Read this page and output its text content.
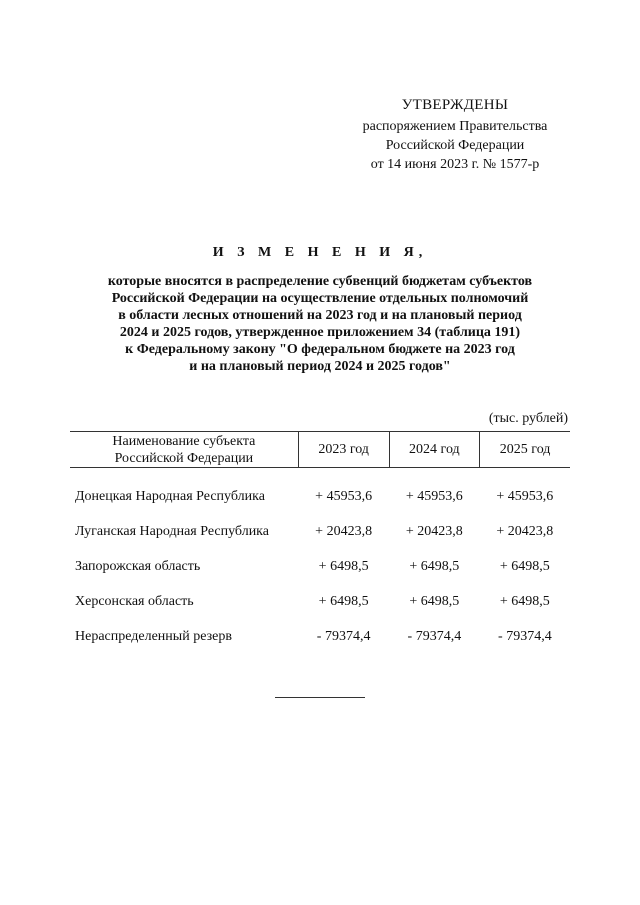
УТВЕРЖДЕНЫ
распоряжением Правительства
Российской Федерации
от 14 июня 2023 г. № 1577-р
И З М Е Н Е Н И Я,
которые вносятся в распределение субвенций бюджетам субъектов
Российской Федерации на осуществление отдельных полномочий
в области лесных отношений на 2023 год и на плановый период
2024 и 2025 годов, утвержденное приложением 34 (таблица 191)
к Федеральному закону "О федеральном бюджете на 2023 год
и на плановый период 2024 и 2025 годов"
(тыс. рублей)
Наименование субъекта
Российской Федерации	2023 год	2024 год	2025 год

Донецкая Народная Республика	+ 45953,6	+ 45953,6	+ 45953,6
Луганская Народная Республика	+ 20423,8	+ 20423,8	+ 20423,8
Запорожская область	+ 6498,5	+ 6498,5	+ 6498,5
Херсонская область	+ 6498,5	+ 6498,5	+ 6498,5
Нераспределенный резерв	- 79374,4	- 79374,4	- 79374,4
